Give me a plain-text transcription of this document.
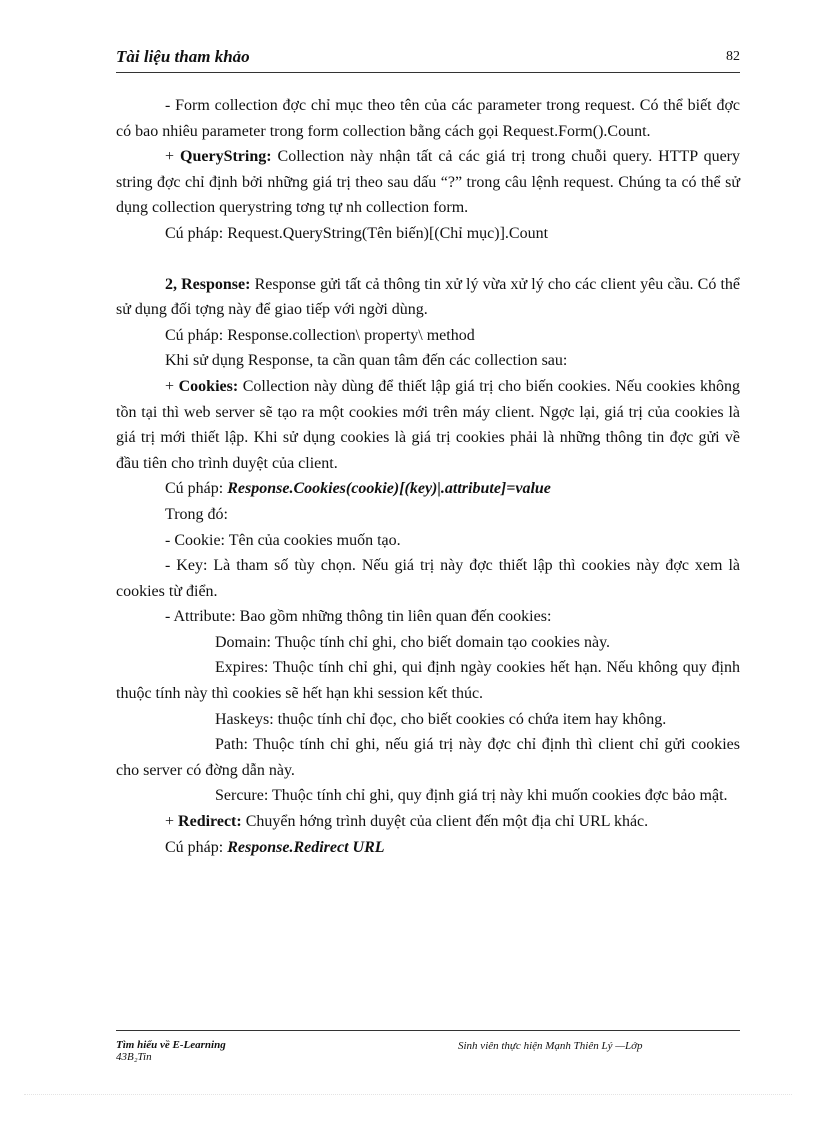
Tài liệu tham khảo	82

- Form collection đợc chỉ mục theo tên của các parameter trong request. Có thể biết đợc có bao nhiêu parameter trong form collection bằng cách gọi Request.Form().Count.

+ QueryString: Collection này nhận tất cả các giá trị trong chuỗi query. HTTP query string đợc chỉ định bởi những giá trị theo sau dấu “?” trong câu lệnh request. Chúng ta có thể sử dụng collection querystring tơng tự nh collection form.

Cú pháp: Request.QueryString(Tên biến)[(Chỉ mục)].Count

2, Response: Response gửi tất cả thông tin xử lý vừa xử lý cho các client yêu cầu. Có thể sử dụng đối tợng này để giao tiếp với ngời dùng.

Cú pháp: Response.collection\ property\ method

Khi sử dụng Response, ta cần quan tâm đến các collection sau:

+ Cookies: Collection này dùng để thiết lập giá trị cho biến cookies. Nếu cookies không tồn tại thì web server sẽ tạo ra một cookies mới trên máy client. Ngợc lại, giá trị của cookies là giá trị mới thiết lập. Khi sử dụng cookies là giá trị cookies phải là những thông tin đợc gửi về đầu tiên cho trình duyệt của client.

Cú pháp: Response.Cookies(cookie)[(key)|.attribute]=value

Trong đó:

- Cookie: Tên của cookies muốn tạo.

- Key: Là tham số tùy chọn. Nếu giá trị này đợc thiết lập thì cookies này đợc xem là cookies từ điển.

- Attribute: Bao gồm những thông tin liên quan đến cookies:

Domain: Thuộc tính chỉ ghi, cho biết domain tạo cookies này.

Expires: Thuộc tính chỉ ghi, qui định ngày cookies hết hạn. Nếu không quy định thuộc tính này thì cookies sẽ hết hạn khi session kết thúc.

Haskeys: thuộc tính chỉ đọc, cho biết cookies có chứa item hay không.

Path: Thuộc tính chỉ ghi, nếu giá trị này đợc chỉ định thì client chỉ gửi cookies cho server có đờng dẫn này.

Sercure: Thuộc tính chỉ ghi, quy định giá trị này khi muốn cookies đợc bảo mật.

+ Redirect: Chuyển hớng trình duyệt của client đến một địa chỉ URL khác.

Cú pháp: Response.Redirect URL

Tìm hiểu về E-Learning
43B₂Tin
Sinh viên thực hiện Mạnh Thiên Lý —Lớp
